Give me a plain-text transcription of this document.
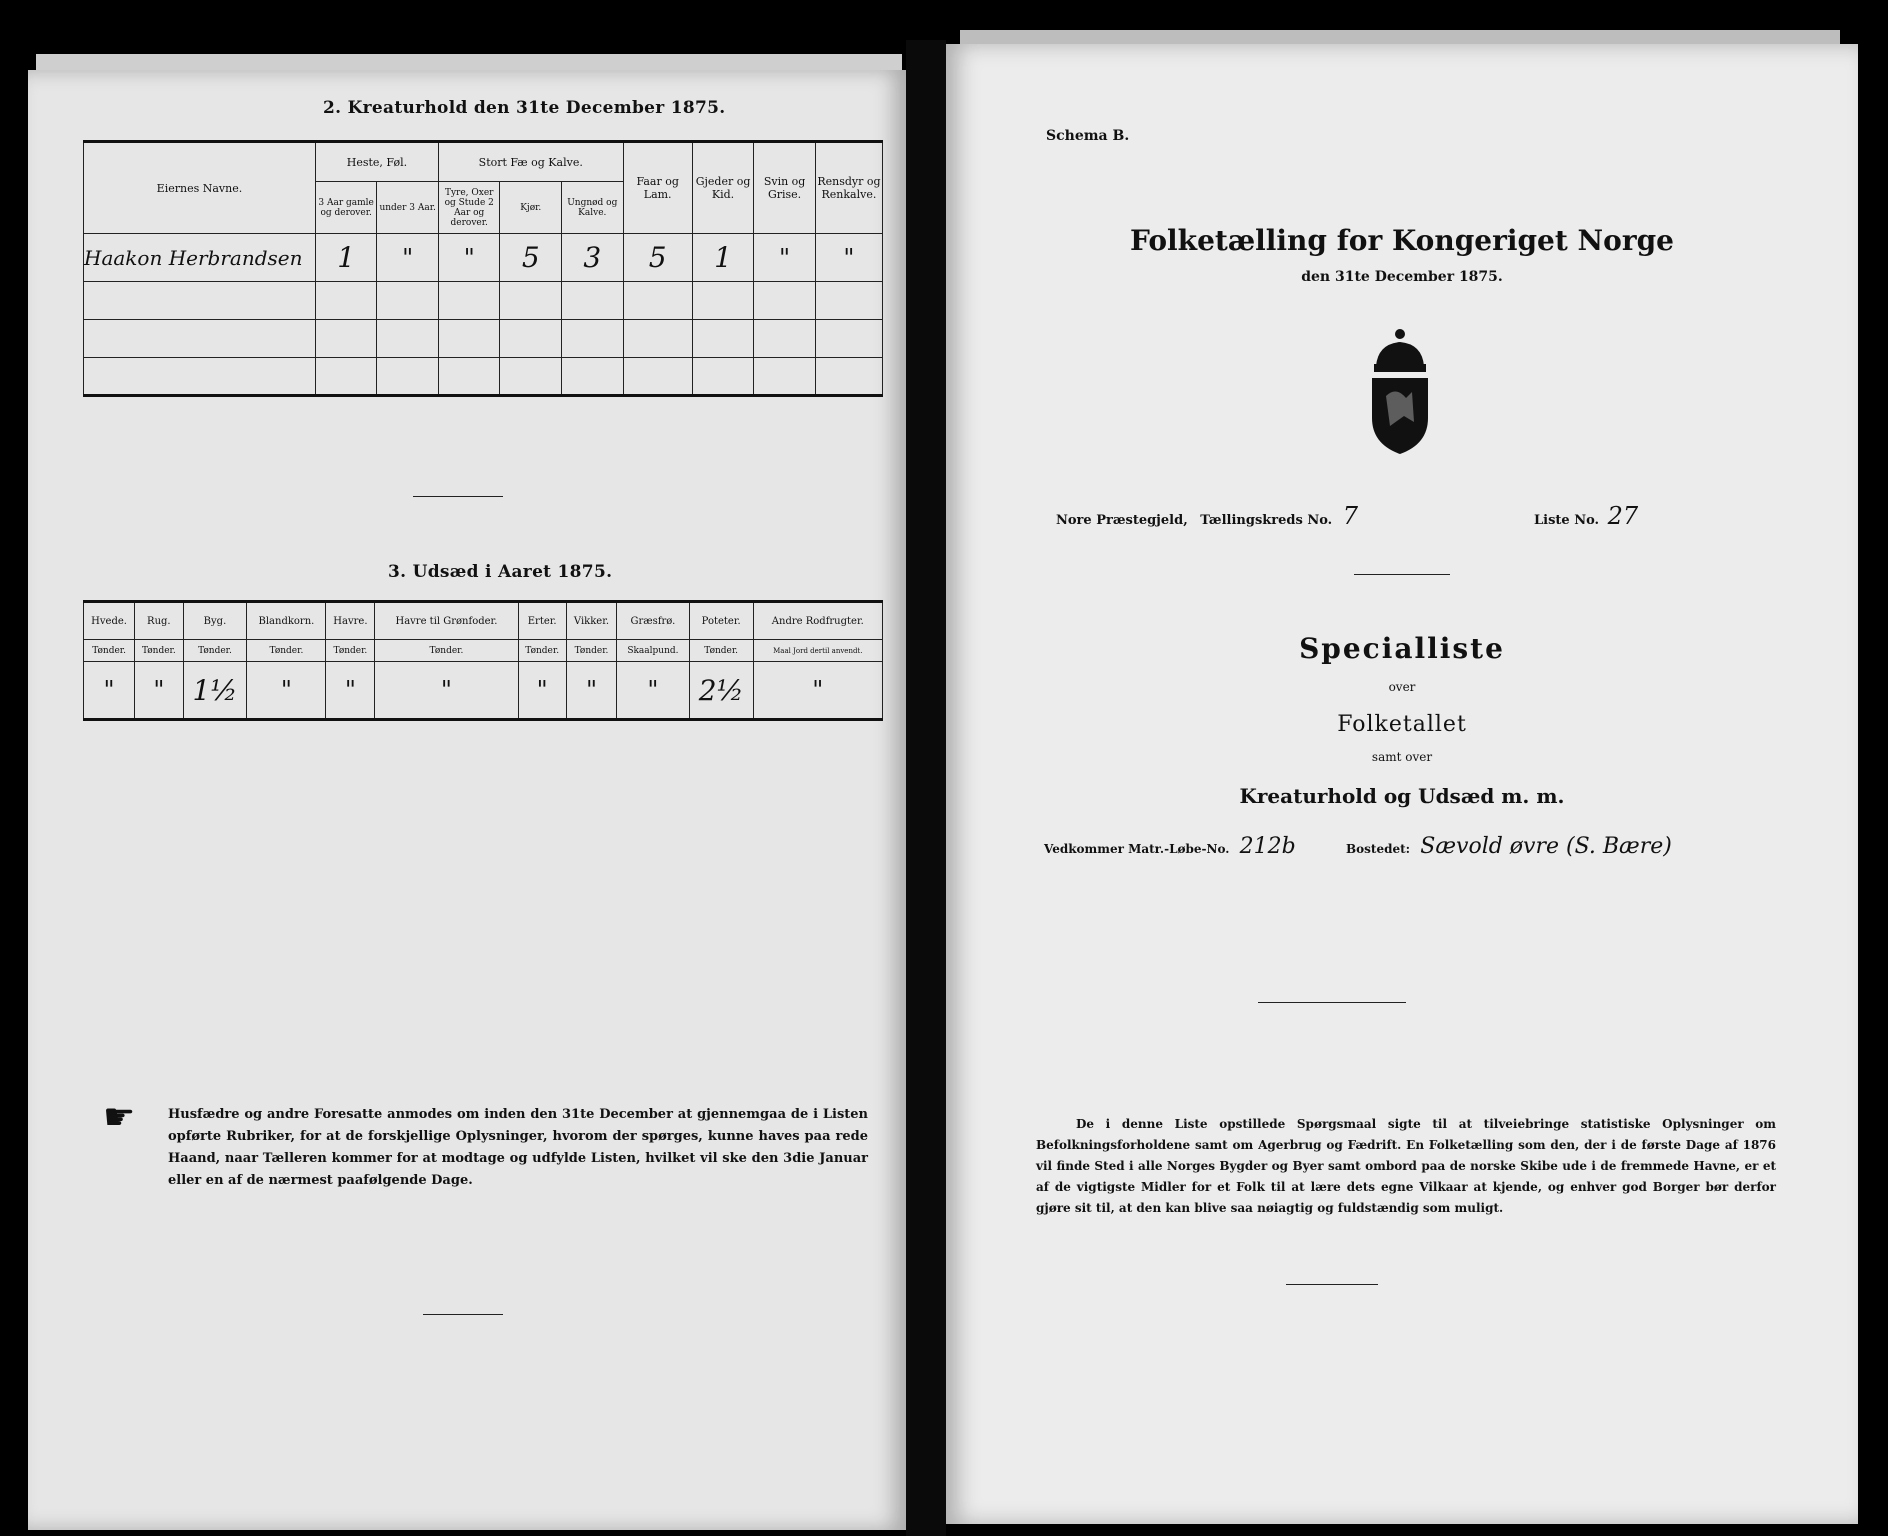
2. Kreaturhold den 31te December 1875.
Eiernes Navne.	Heste, Føl.		Stort Fæ og Kalve.			Faar og Lam.	Gjeder og Kid.	Svin og Grise.	Rensdyr og Renkalve.
	3 Aar gamle og derover.	under 3 Aar.	Tyre, Oxer og Stude 2 Aar og derover.	Kjør.	Ungnød og Kalve.				
Haakon Herbrandsen	1	"	"	5	3	5	1	"	"

3. Udsæd i Aaret 1875.
Hvede.	Rug.	Byg.	Blandkorn.	Havre.	Havre til Grønfoder.	Erter.	Vikker.	Græsfrø.	Poteter.	Andre Rodfrugter.
Tønder.	Tønder.	Tønder.	Tønder.	Tønder.	Tønder.	Tønder.	Tønder.	Skaalpund.	Tønder.	Maal Jord dertil anvendt.
"	"	1½	"	"	"	"	"	"	2½	"
☛	Husfædre og andre Foresatte anmodes om inden den 31te December at gjennemgaa de i Listen opførte Rubriker, for at de forskjellige Oplysninger, hvorom der spørges, kunne haves paa rede Haand, naar Tælleren kommer for at modtage og udfylde Listen, hvilket vil ske den 3die Januar eller en af de nærmest paafølgende Dage.
Schema B.
Folketælling for Kongeriget Norge
den 31te December 1875.
Nore Præstegjeld, Tællingskreds No. 7	Liste No. 27
Specialliste
over
Folketallet
samt over
Kreaturhold og Udsæd m. m.
Vedkommer Matr.-Løbe-No. 212b	Bostedet: Sævold øvre (S. Bære)
De i denne Liste opstillede Spørgsmaal sigte til at tilveiebringe statistiske Oplysninger om Befolkningsforholdene samt om Agerbrug og Fædrift. En Folketælling som den, der i de første Dage af 1876 vil finde Sted i alle Norges Bygder og Byer samt ombord paa de norske Skibe ude i de fremmede Havne, er et af de vigtigste Midler for et Folk til at lære dets egne Vilkaar at kjende, og enhver god Borger bør derfor gjøre sit til, at den kan blive saa nøiagtig og fuldstændig som muligt.
